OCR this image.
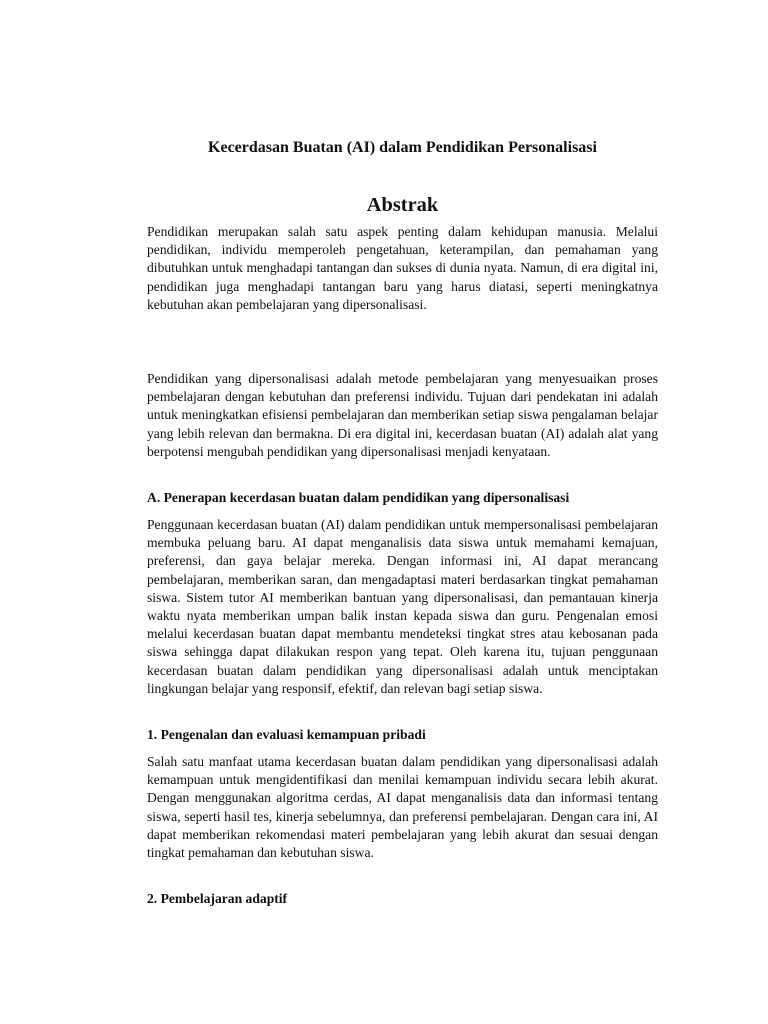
Kecerdasan Buatan (AI) dalam Pendidikan Personalisasi
Abstrak

Pendidikan merupakan salah satu aspek penting dalam kehidupan manusia. Melalui pendidikan, individu memperoleh pengetahuan, keterampilan, dan pemahaman yang dibutuhkan untuk menghadapi tantangan dan sukses di dunia nyata. Namun, di era digital ini, pendidikan juga menghadapi tantangan baru yang harus diatasi, seperti meningkatnya kebutuhan akan pembelajaran yang dipersonalisasi.

Pendidikan yang dipersonalisasi adalah metode pembelajaran yang menyesuaikan proses pembelajaran dengan kebutuhan dan preferensi individu. Tujuan dari pendekatan ini adalah untuk meningkatkan efisiensi pembelajaran dan memberikan setiap siswa pengalaman belajar yang lebih relevan dan bermakna. Di era digital ini, kecerdasan buatan (AI) adalah alat yang berpotensi mengubah pendidikan yang dipersonalisasi menjadi kenyataan.

A. Penerapan kecerdasan buatan dalam pendidikan yang dipersonalisasi

Penggunaan kecerdasan buatan (AI) dalam pendidikan untuk mempersonalisasi pembelajaran membuka peluang baru. AI dapat menganalisis data siswa untuk memahami kemajuan, preferensi, dan gaya belajar mereka. Dengan informasi ini, AI dapat merancang pembelajaran, memberikan saran, dan mengadaptasi materi berdasarkan tingkat pemahaman siswa. Sistem tutor AI memberikan bantuan yang dipersonalisasi, dan pemantauan kinerja waktu nyata memberikan umpan balik instan kepada siswa dan guru. Pengenalan emosi melalui kecerdasan buatan dapat membantu mendeteksi tingkat stres atau kebosanan pada siswa sehingga dapat dilakukan respon yang tepat. Oleh karena itu, tujuan penggunaan kecerdasan buatan dalam pendidikan yang dipersonalisasi adalah untuk menciptakan lingkungan belajar yang responsif, efektif, dan relevan bagi setiap siswa.

1. Pengenalan dan evaluasi kemampuan pribadi

Salah satu manfaat utama kecerdasan buatan dalam pendidikan yang dipersonalisasi adalah kemampuan untuk mengidentifikasi dan menilai kemampuan individu secara lebih akurat. Dengan menggunakan algoritma cerdas, AI dapat menganalisis data dan informasi tentang siswa, seperti hasil tes, kinerja sebelumnya, dan preferensi pembelajaran. Dengan cara ini, AI dapat memberikan rekomendasi materi pembelajaran yang lebih akurat dan sesuai dengan tingkat pemahaman dan kebutuhan siswa.

2. Pembelajaran adaptif
